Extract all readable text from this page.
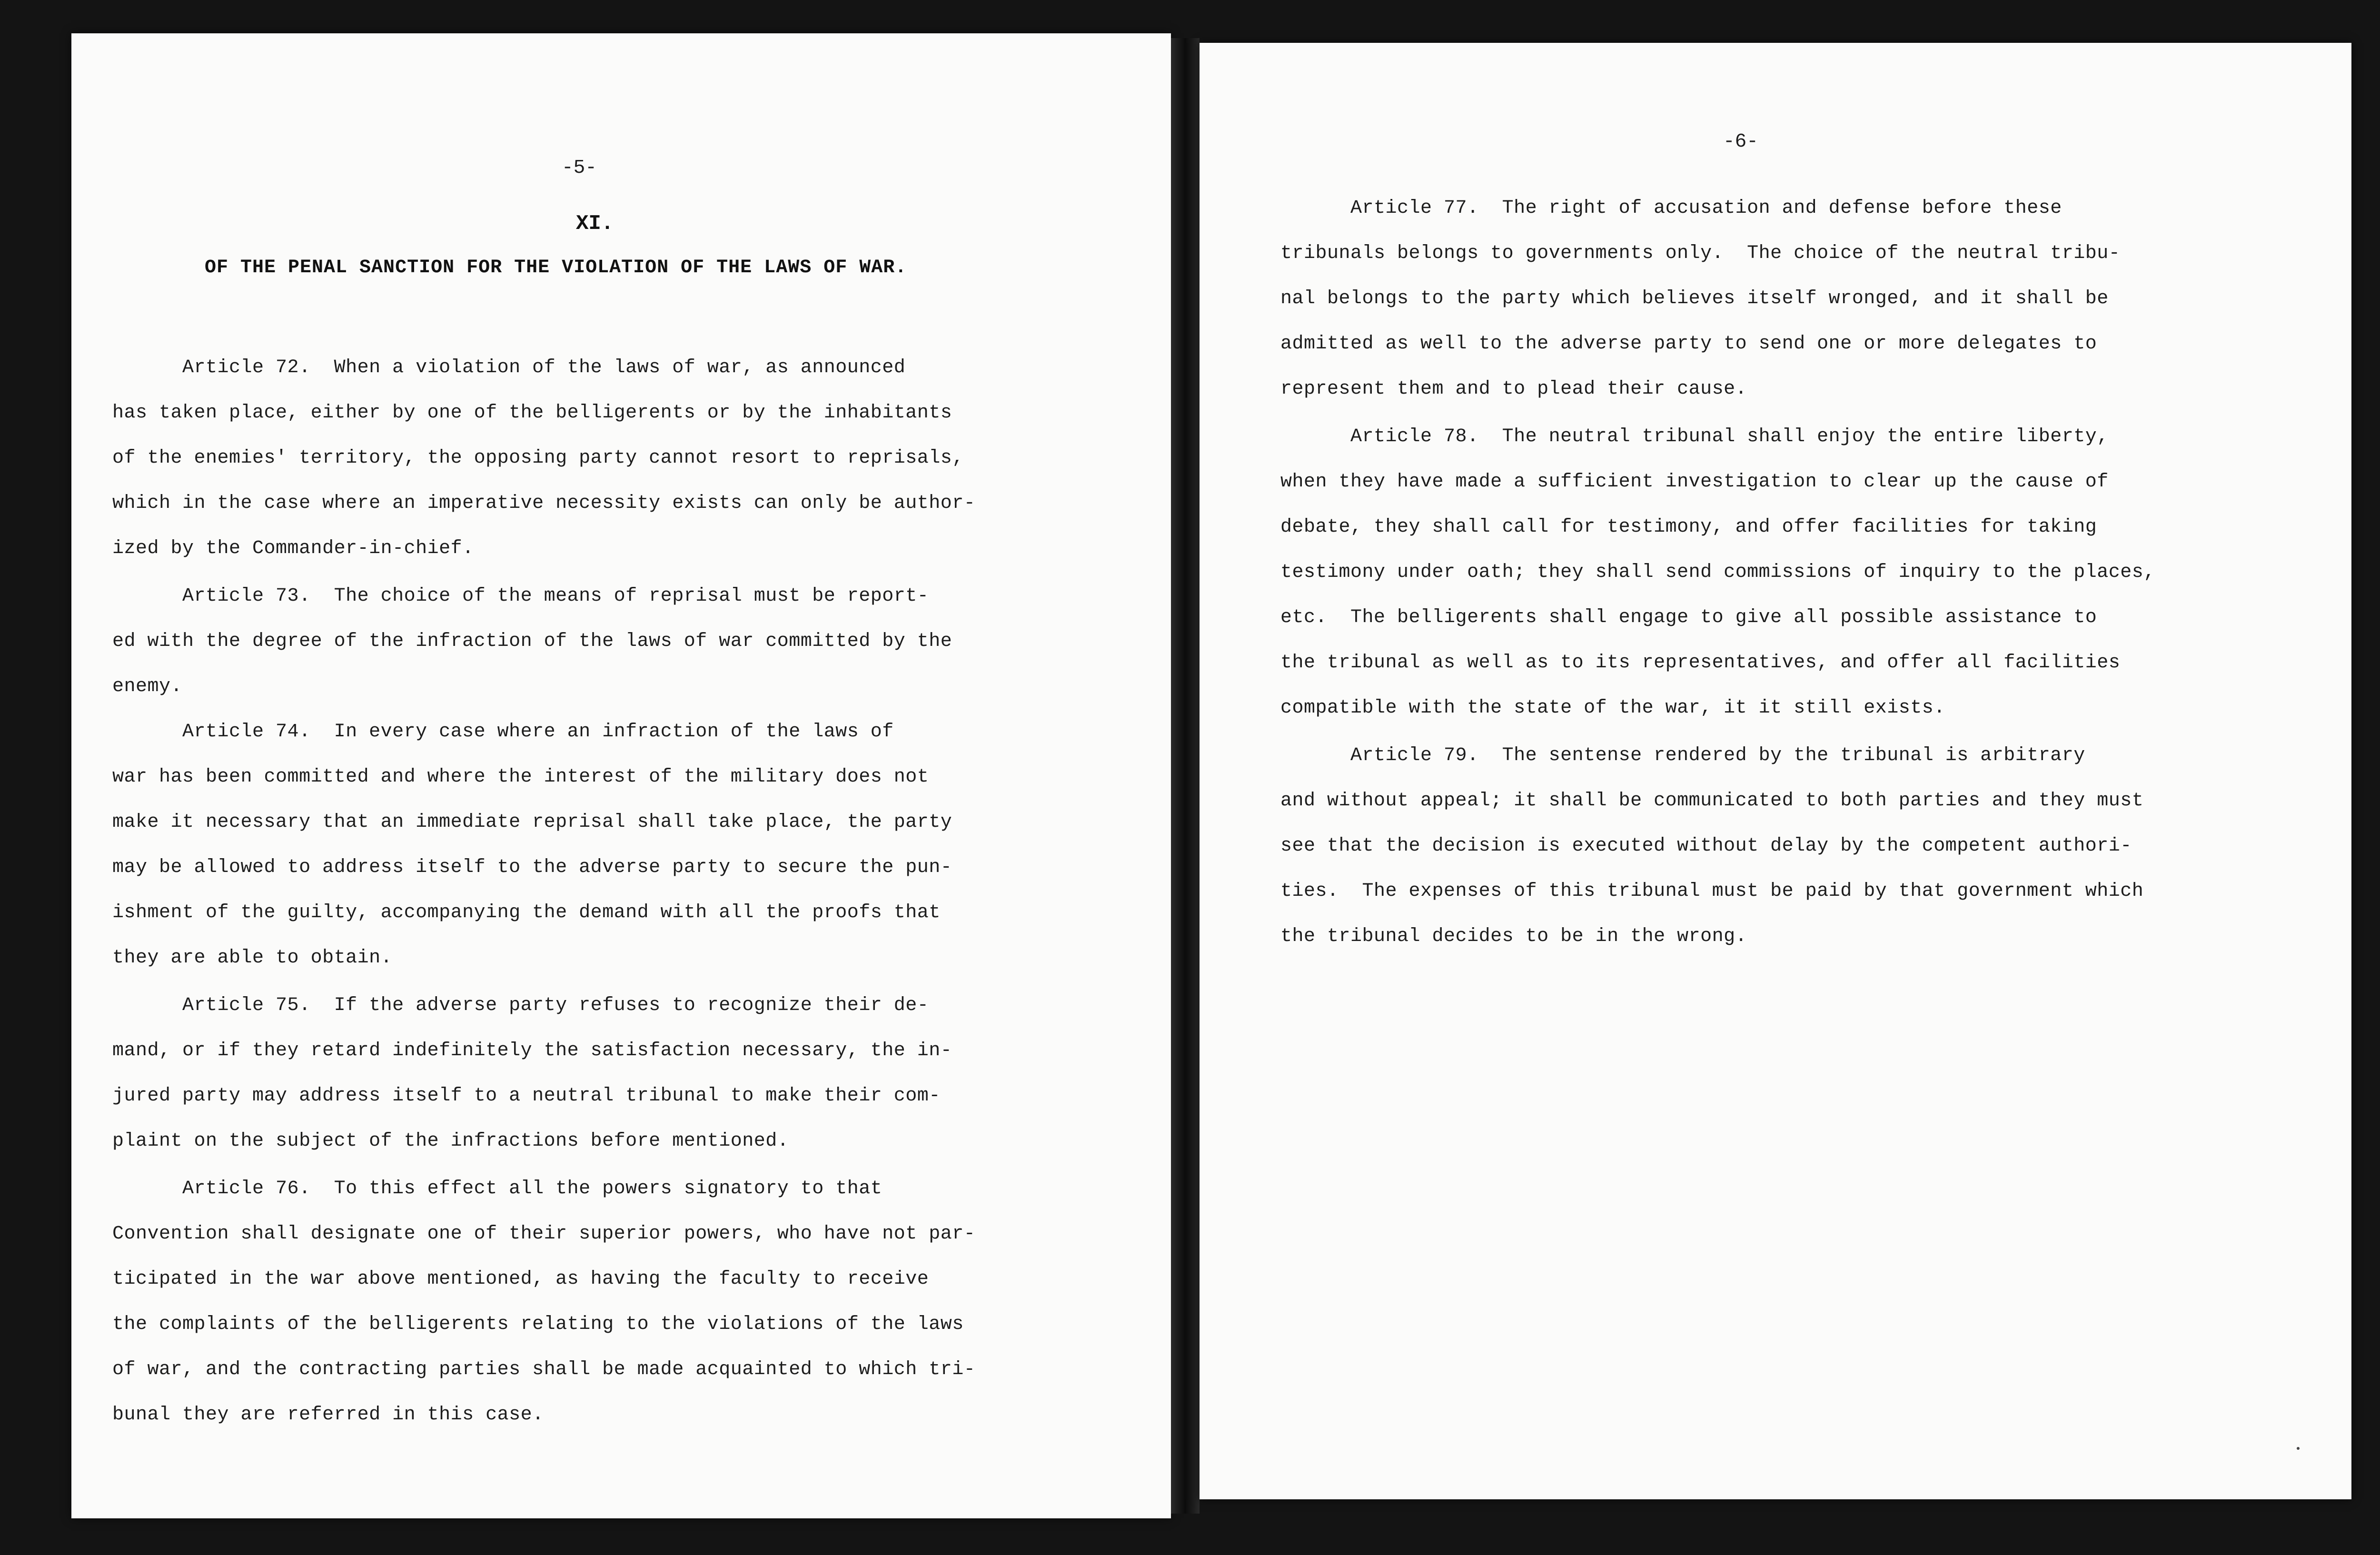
-5-
XI.
OF THE PENAL SANCTION FOR THE VIOLATION OF THE LAWS OF WAR.
Article 72.  When a violation of the laws of war, as announced
has taken place, either by one of the belligerents or by the inhabitants
of the enemies' territory, the opposing party cannot resort to reprisals,
which in the case where an imperative necessity exists can only be author-
ized by the Commander-in-chief.
Article 73.  The choice of the means of reprisal must be report-
ed with the degree of the infraction of the laws of war committed by the
enemy.
Article 74.  In every case where an infraction of the laws of
war has been committed and where the interest of the military does not
make it necessary that an immediate reprisal shall take place, the party
may be allowed to address itself to the adverse party to secure the pun-
ishment of the guilty, accompanying the demand with all the proofs that
they are able to obtain.
Article 75.  If the adverse party refuses to recognize their de-
mand, or if they retard indefinitely the satisfaction necessary, the in-
jured party may address itself to a neutral tribunal to make their com-
plaint on the subject of the infractions before mentioned.
Article 76.  To this effect all the powers signatory to that
Convention shall designate one of their superior powers, who have not par-
ticipated in the war above mentioned, as having the faculty to receive
the complaints of the belligerents relating to the violations of the laws
of war, and the contracting parties shall be made acquainted to which tri-
bunal they are referred in this case.
-6-
Article 77.  The right of accusation and defense before these
tribunals belongs to governments only.  The choice of the neutral tribu-
nal belongs to the party which believes itself wronged, and it shall be
admitted as well to the adverse party to send one or more delegates to
represent them and to plead their cause.
Article 78.  The neutral tribunal shall enjoy the entire liberty,
when they have made a sufficient investigation to clear up the cause of
debate, they shall call for testimony, and offer facilities for taking
testimony under oath; they shall send commissions of inquiry to the places,
etc.  The belligerents shall engage to give all possible assistance to
the tribunal as well as to its representatives, and offer all facilities
compatible with the state of the war, it it still exists.
Article 79.  The sentense rendered by the tribunal is arbitrary
and without appeal; it shall be communicated to both parties and they must
see that the decision is executed without delay by the competent authori-
ties.  The expenses of this tribunal must be paid by that government which
the tribunal decides to be in the wrong.
